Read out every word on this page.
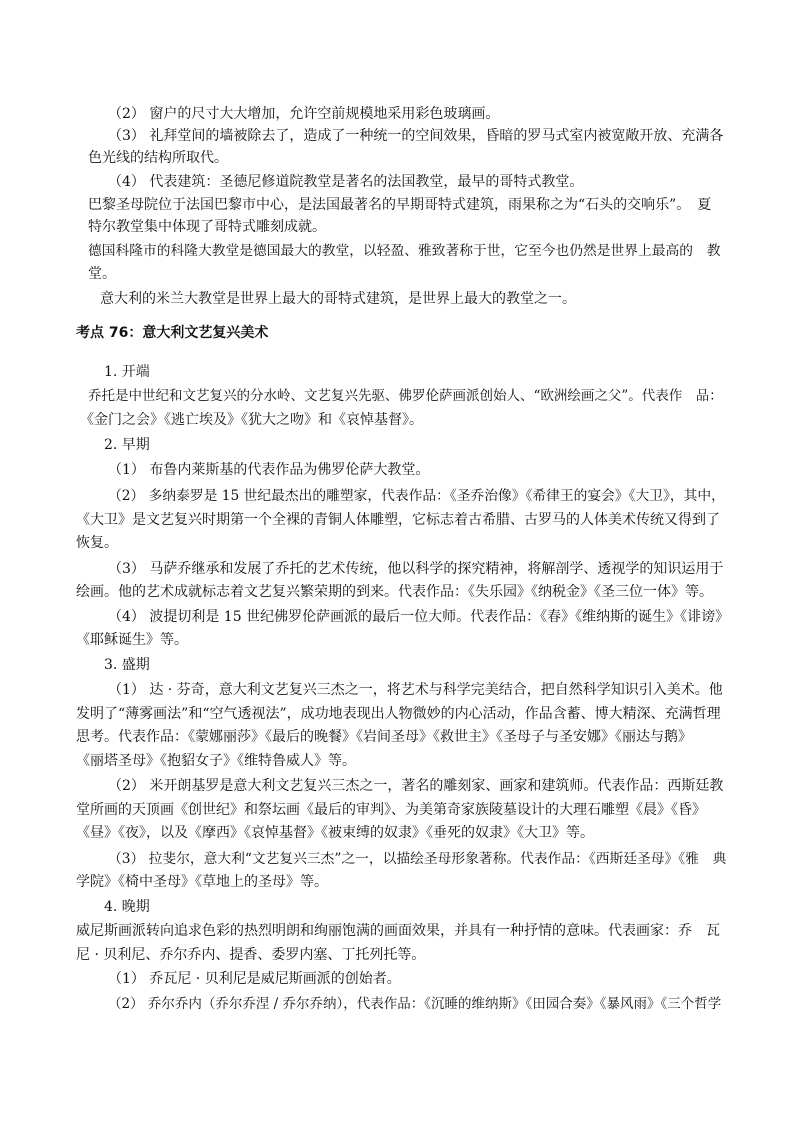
（2） 窗户的尺寸大大增加，允许空前规模地采用彩色玻璃画。
（3） 礼拜堂间的墙被除去了，造成了一种统一的空间效果，昏暗的罗马式室内被宽敞开放、充满各
色光线的结构所取代。
（4） 代表建筑：圣德尼修道院教堂是著名的法国教堂，最早的哥特式教堂。
巴黎圣母院位于法国巴黎市中心，是法国最著名的早期哥特式建筑，雨果称之为“石头的交响乐”。　夏
特尔教堂集中体现了哥特式雕刻成就。
德国科隆市的科隆大教堂是德国最大的教堂，以轻盈、雅致著称于世，它至今也仍然是世界上最高的　教
堂。
意大利的米兰大教堂是世界上最大的哥特式建筑，是世界上最大的教堂之一。
考点 76：意大利文艺复兴美术
1. 开端
乔托是中世纪和文艺复兴的分水岭、文艺复兴先驱、佛罗伦萨画派创始人、“欧洲绘画之父”。代表作　品：
《金门之会》《逃亡埃及》《犹大之吻》和《哀悼基督》。
2. 早期
（1） 布鲁内莱斯基的代表作品为佛罗伦萨大教堂。
（2） 多纳泰罗是 15 世纪最杰出的雕塑家，代表作品：《圣乔治像》《希律王的宴会》《大卫》，其中，
《大卫》是文艺复兴时期第一个全裸的青铜人体雕塑，它标志着古希腊、古罗马的人体美术传统又得到了
恢复。
（3） 马萨乔继承和发展了乔托的艺术传统，他以科学的探究精神，将解剖学、透视学的知识运用于
绘画。他的艺术成就标志着文艺复兴繁荣期的到来。代表作品：《失乐园》《纳税金》《圣三位一体》等。
（4） 波提切利是 15 世纪佛罗伦萨画派的最后一位大师。代表作品：《春》《维纳斯的诞生》《诽谤》
《耶稣诞生》等。
3. 盛期
（1） 达 · 芬奇，意大利文艺复兴三杰之一，将艺术与科学完美结合，把自然科学知识引入美术。他
发明了“薄雾画法”和“空气透视法”，成功地表现出人物微妙的内心活动，作品含蓄、博大精深、充满哲理
思考。代表作品：《蒙娜丽莎》《最后的晚餐》《岩间圣母》《救世主》《圣母子与圣安娜》《丽达与鹅》
《丽塔圣母》《抱貂女子》《维特鲁威人》等。
（2） 米开朗基罗是意大利文艺复兴三杰之一，著名的雕刻家、画家和建筑师。代表作品：西斯廷教
堂所画的天顶画《创世纪》和祭坛画《最后的审判》、为美第奇家族陵墓设计的大理石雕塑《晨》《昏》
《昼》《夜》，以及《摩西》《哀悼基督》《被束缚的奴隶》《垂死的奴隶》《大卫》等。
（3） 拉斐尔，意大利“文艺复兴三杰”之一，以描绘圣母形象著称。代表作品：《西斯廷圣母》《雅　典
学院》《椅中圣母》《草地上的圣母》等。
4. 晚期
威尼斯画派转向追求色彩的热烈明朗和绚丽饱满的画面效果，并具有一种抒情的意味。代表画家：乔　瓦
尼 · 贝利尼、乔尔乔内、提香、委罗内塞、丁托列托等。
（1） 乔瓦尼 · 贝利尼是威尼斯画派的创始者。
（2） 乔尔乔内（乔尔乔涅 / 乔尔乔纳），代表作品：《沉睡的维纳斯》《田园合奏》《暴风雨》《三个哲学
